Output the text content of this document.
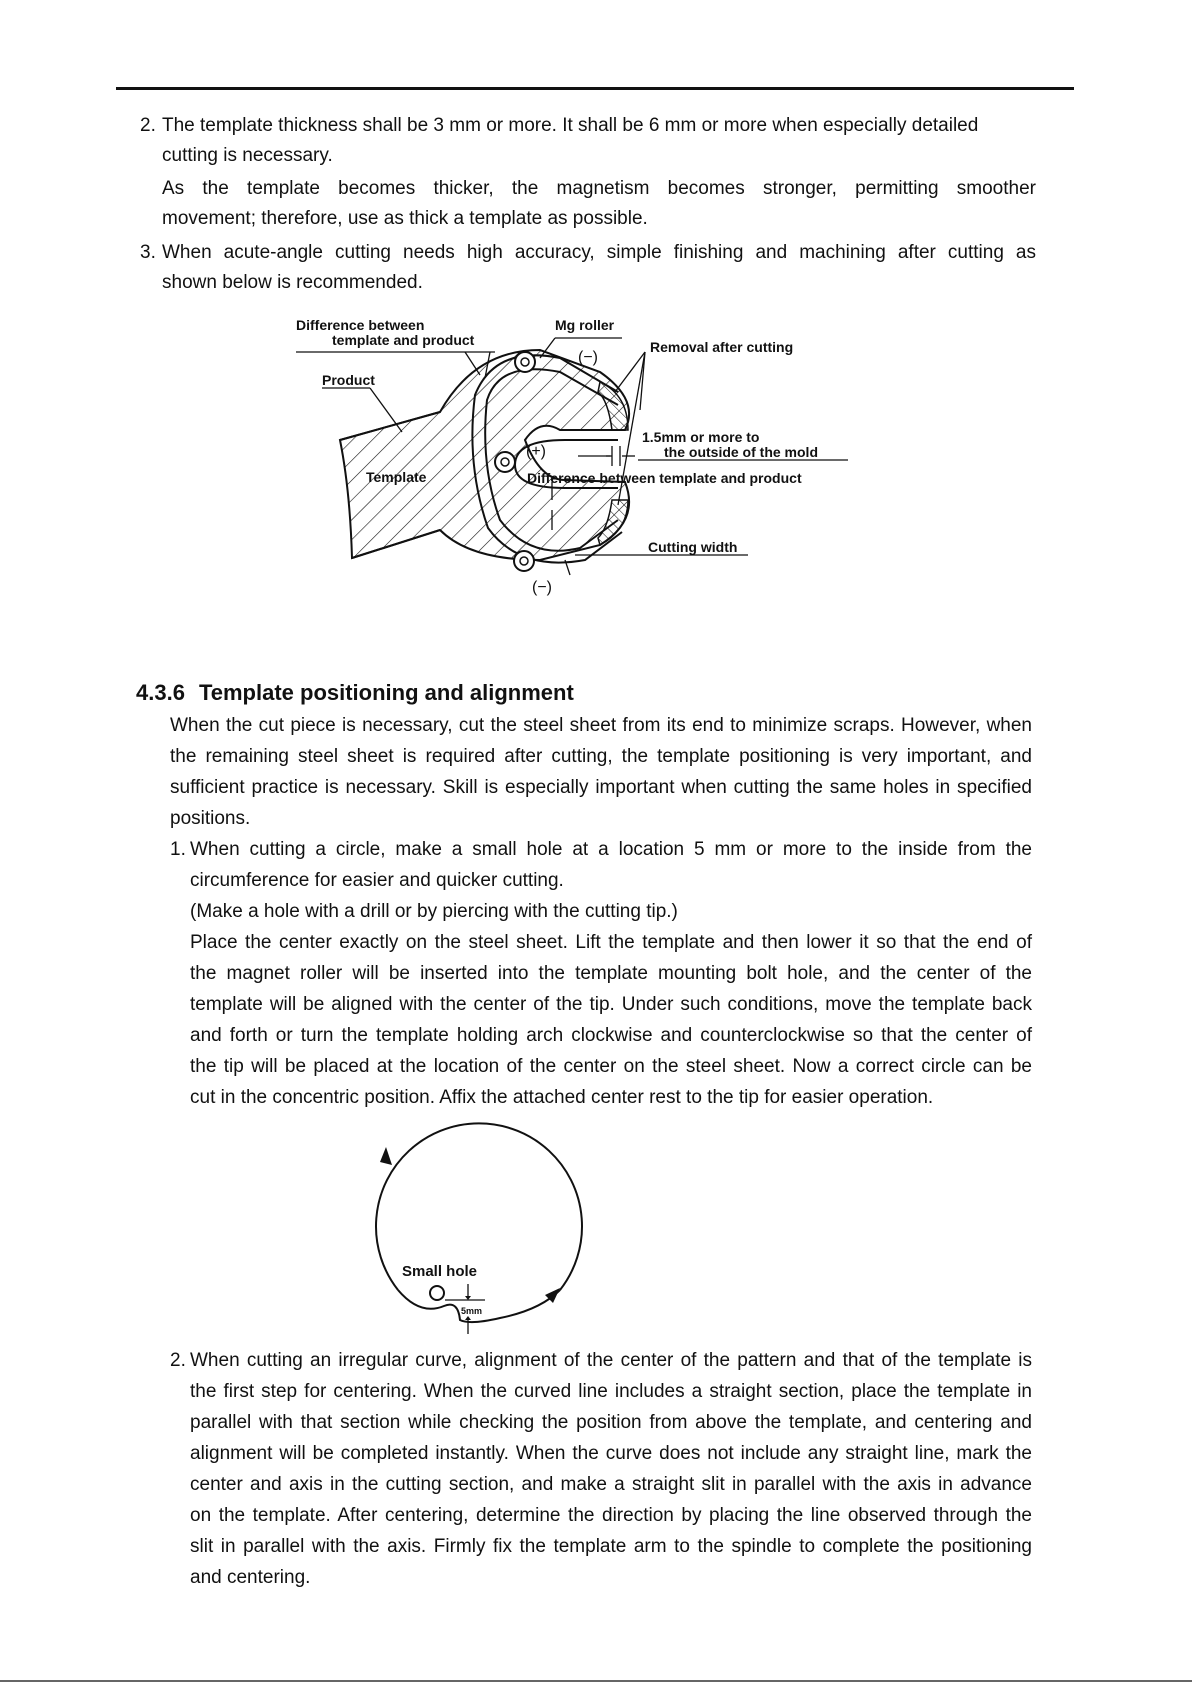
2. The template thickness shall be 3 mm or more. It shall be 6 mm or more when especially detailed

cutting is necessary.

As the template becomes thicker, the magnetism becomes stronger, permitting smoother

movement; therefore, use as thick a template as possible.

3. When acute-angle cutting needs high accuracy, simple finishing and machining after cutting as

shown below is recommended.

Difference between
template and product
Mg roller
Removal after cutting
Product
(−)
1.5mm or more to
the outside of the mold
(+)
Difference between template and product
Template
Cutting width
(−)
4.3.6 Template positioning and alignment

When the cut piece is necessary, cut the steel sheet from its end to minimize scraps. However, when

the remaining steel sheet is required after cutting, the template positioning is very important, and

sufficient practice is necessary. Skill is especially important when cutting the same holes in specified

positions.

1. When cutting a circle, make a small hole at a location 5 mm or more to the inside from the

circumference for easier and quicker cutting.

(Make a hole with a drill or by piercing with the cutting tip.)

Place the center exactly on the steel sheet. Lift the template and then lower it so that the end of

the magnet roller will be inserted into the template mounting bolt hole, and the center of the

template will be aligned with the center of the tip. Under such conditions, move the template back

and forth or turn the template holding arch clockwise and counterclockwise so that the center of

the tip will be placed at the location of the center on the steel sheet. Now a correct circle can be

cut in the concentric position. Affix the attached center rest to the tip for easier operation.

Small hole
5mm
2. When cutting an irregular curve, alignment of the center of the pattern and that of the template is

the first step for centering. When the curved line includes a straight section, place the template in

parallel with that section while checking the position from above the template, and centering and

alignment will be completed instantly. When the curve does not include any straight line, mark the

center and axis in the cutting section, and make a straight slit in parallel with the axis in advance

on the template. After centering, determine the direction by placing the line observed through the

slit in parallel with the axis. Firmly fix the template arm to the spindle to complete the positioning

and centering.
